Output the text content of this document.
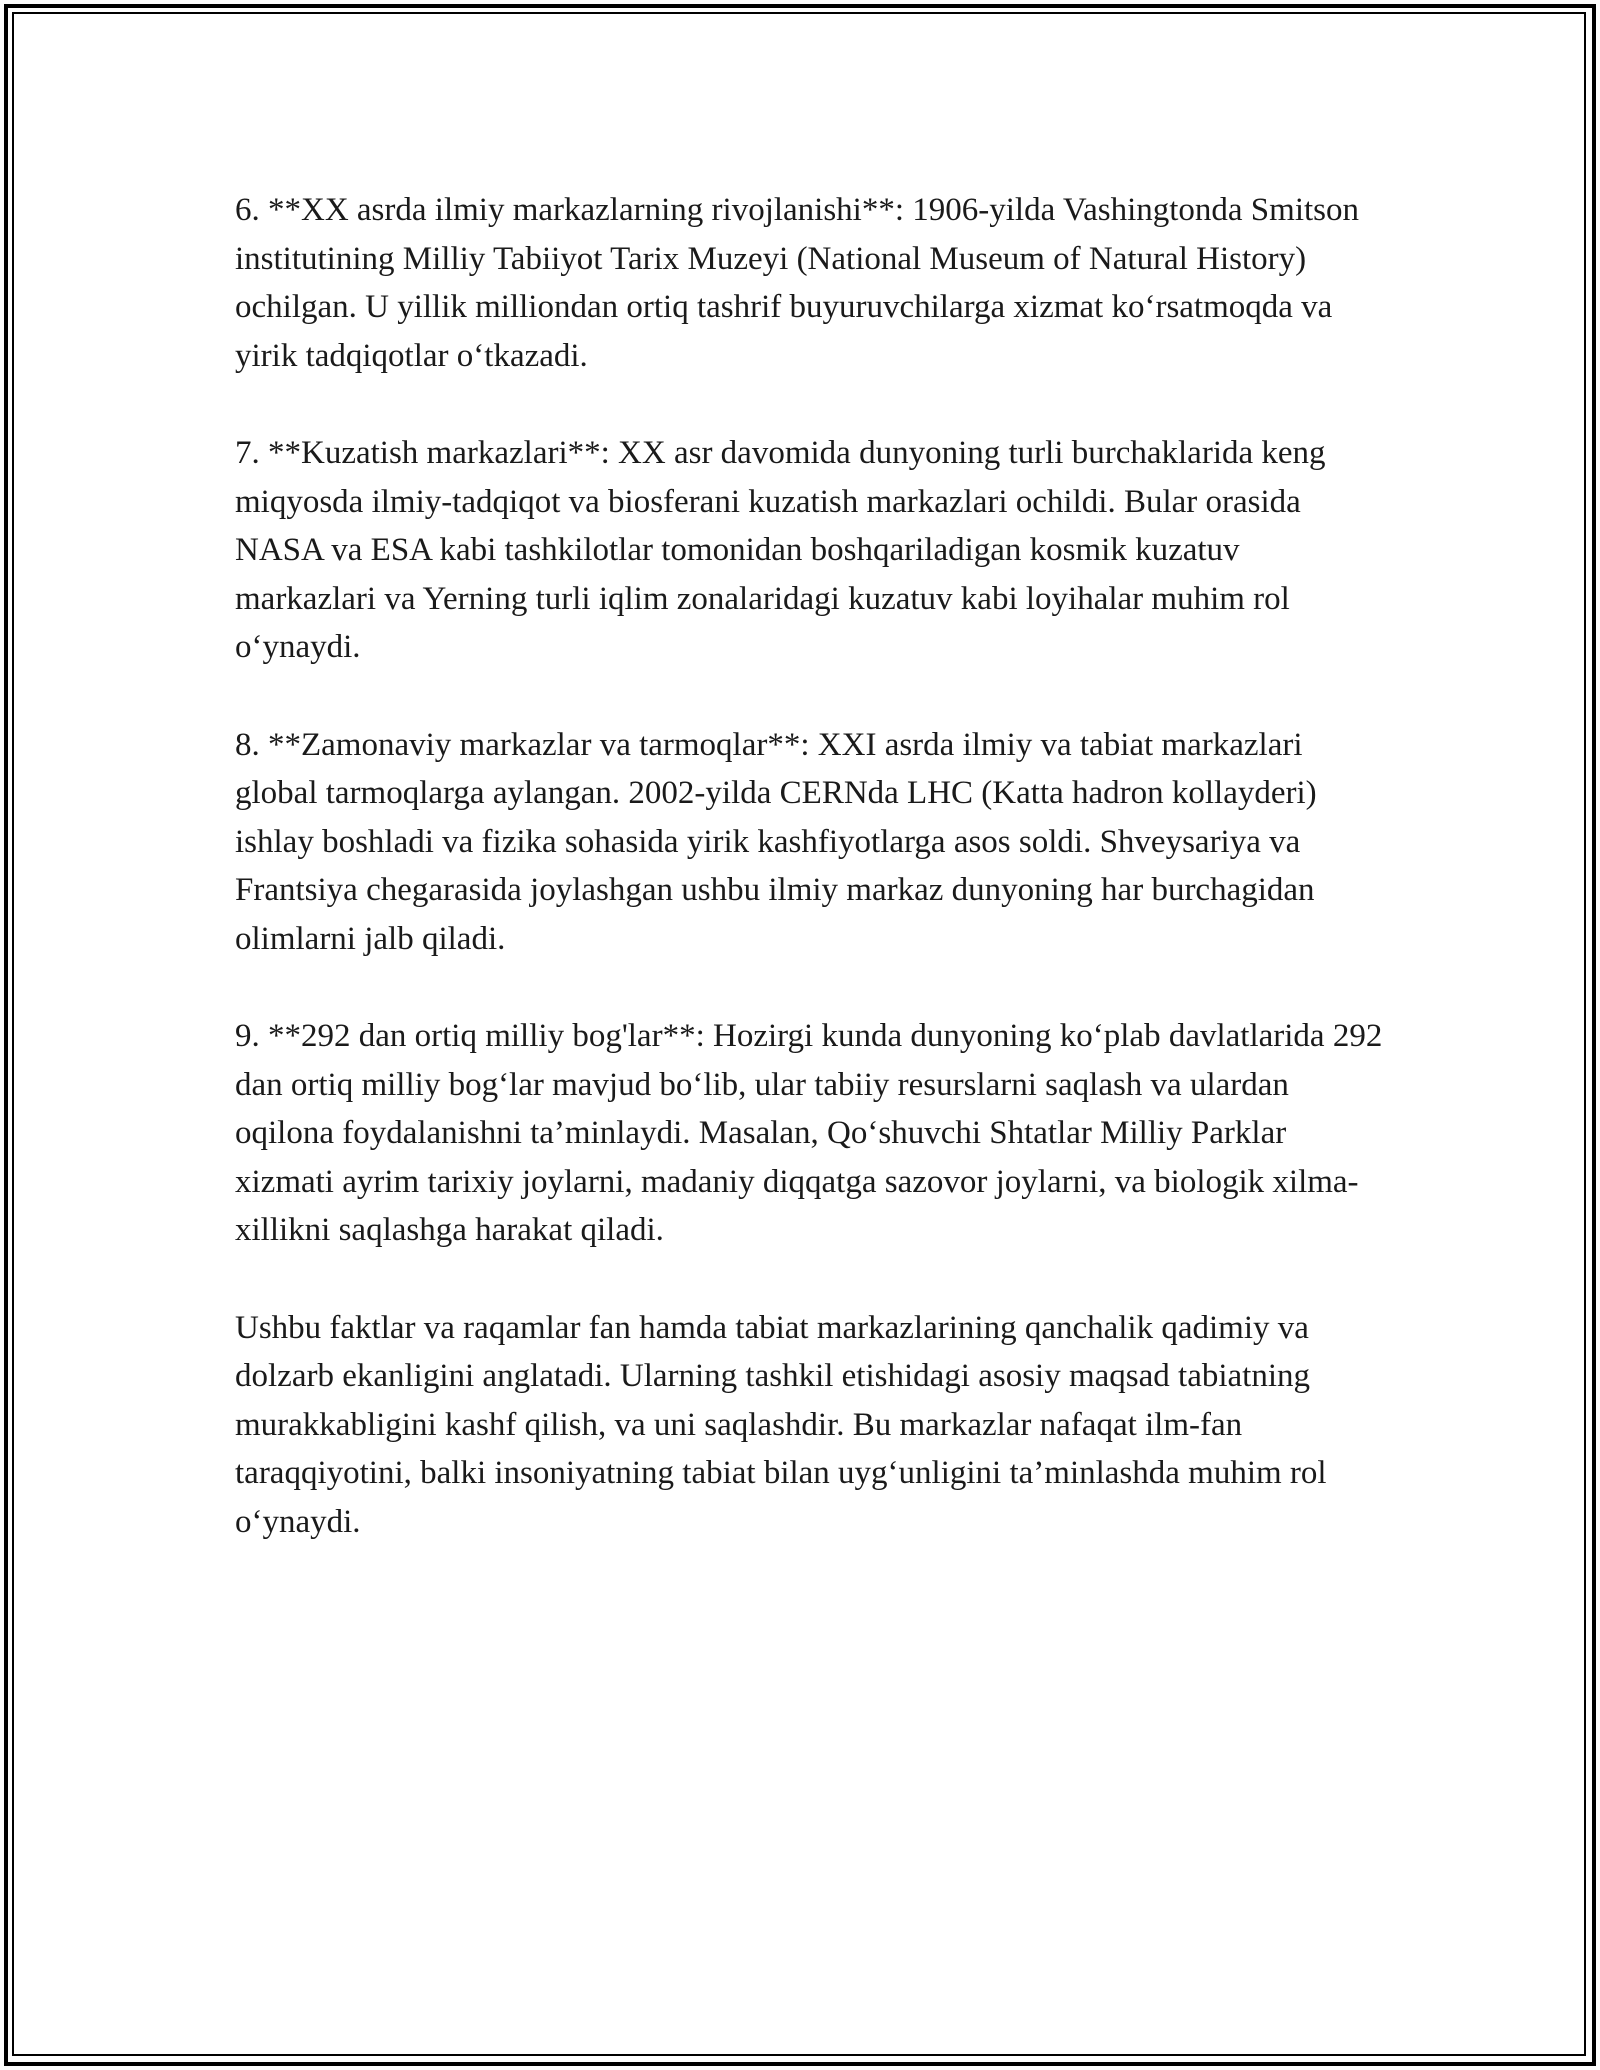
6. **XX asrda ilmiy markazlarning rivojlanishi**: 1906-yilda Vashingtonda Smitson institutining Milliy Tabiiyot Tarix Muzeyi (National Museum of Natural History) ochilgan. U yillik milliondan ortiq tashrif buyuruvchilarga xizmat ko‘rsatmoqda va yirik tadqiqotlar o‘tkazadi.

7. **Kuzatish markazlari**: XX asr davomida dunyoning turli burchaklarida keng miqyosda ilmiy-tadqiqot va biosferani kuzatish markazlari ochildi. Bular orasida NASA va ESA kabi tashkilotlar tomonidan boshqariladigan kosmik kuzatuv markazlari va Yerning turli iqlim zonalaridagi kuzatuv kabi loyihalar muhim rol o‘ynaydi.

8. **Zamonaviy markazlar va tarmoqlar**: XXI asrda ilmiy va tabiat markazlari global tarmoqlarga aylangan. 2002-yilda CERNda LHC (Katta hadron kollayderi) ishlay boshladi va fizika sohasida yirik kashfiyotlarga asos soldi. Shveysariya va Frantsiya chegarasida joylashgan ushbu ilmiy markaz dunyoning har burchagidan olimlarni jalb qiladi.

9. **292 dan ortiq milliy bog'lar**: Hozirgi kunda dunyoning ko‘plab davlatlarida 292 dan ortiq milliy bog‘lar mavjud bo‘lib, ular tabiiy resurslarni saqlash va ulardan oqilona foydalanishni ta’minlaydi. Masalan, Qo‘shuvchi Shtatlar Milliy Parklar xizmati ayrim tarixiy joylarni, madaniy diqqatga sazovor joylarni, va biologik xilma-xillikni saqlashga harakat qiladi.

Ushbu faktlar va raqamlar fan hamda tabiat markazlarining qanchalik qadimiy va dolzarb ekanligini anglatadi. Ularning tashkil etishidagi asosiy maqsad tabiatning murakkabligini kashf qilish, va uni saqlashdir. Bu markazlar nafaqat ilm-fan taraqqiyotini, balki insoniyatning tabiat bilan uyg‘unligini ta’minlashda muhim rol o‘ynaydi.
